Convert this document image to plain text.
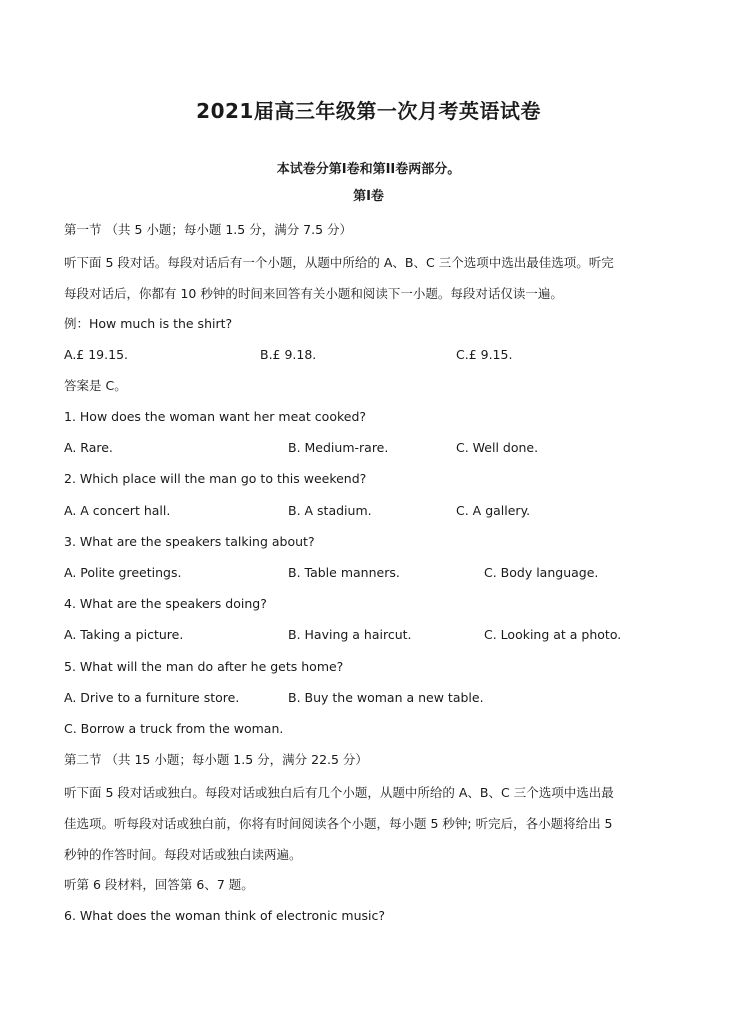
2021届高三年级第一次月考英语试卷
本试卷分第I卷和第II卷两部分。
第I卷
第一节 （共 5 小题；每小题 1.5 分，满分 7.5 分）
听下面 5 段对话。每段对话后有一个小题，从题中所给的 A、B、C 三个选项中选出最佳选项。听完
每段对话后，你都有 10 秒钟的时间来回答有关小题和阅读下一小题。每段对话仅读一遍。
例：How much is the shirt?
A.£ 19.15.	B.£ 9.18.	C.£ 9.15.
答案是 C。
1. How does the woman want her meat cooked?
A. Rare.	B. Medium-rare.	C. Well done.
2. Which place will the man go to this weekend?
A. A concert hall.	B. A stadium.	C. A gallery.
3. What are the speakers talking about?
A. Polite greetings.	B. Table manners.	C. Body language.
4. What are the speakers doing?
A. Taking a picture.	B. Having a haircut.	C. Looking at a photo.
5. What will the man do after he gets home?
A. Drive to a furniture store.	B. Buy the woman a new table.
C. Borrow a truck from the woman.
第二节 （共 15 小题；每小题 1.5 分，满分 22.5 分）
听下面 5 段对话或独白。每段对话或独白后有几个小题，从题中所给的 A、B、C 三个选项中选出最
佳选项。听每段对话或独白前，你将有时间阅读各个小题，每小题 5 秒钟; 听完后，各小题将给出 5
秒钟的作答时间。每段对话或独白读两遍。
听第 6 段材料，回答第 6、7 题。
6. What does the woman think of electronic music?
